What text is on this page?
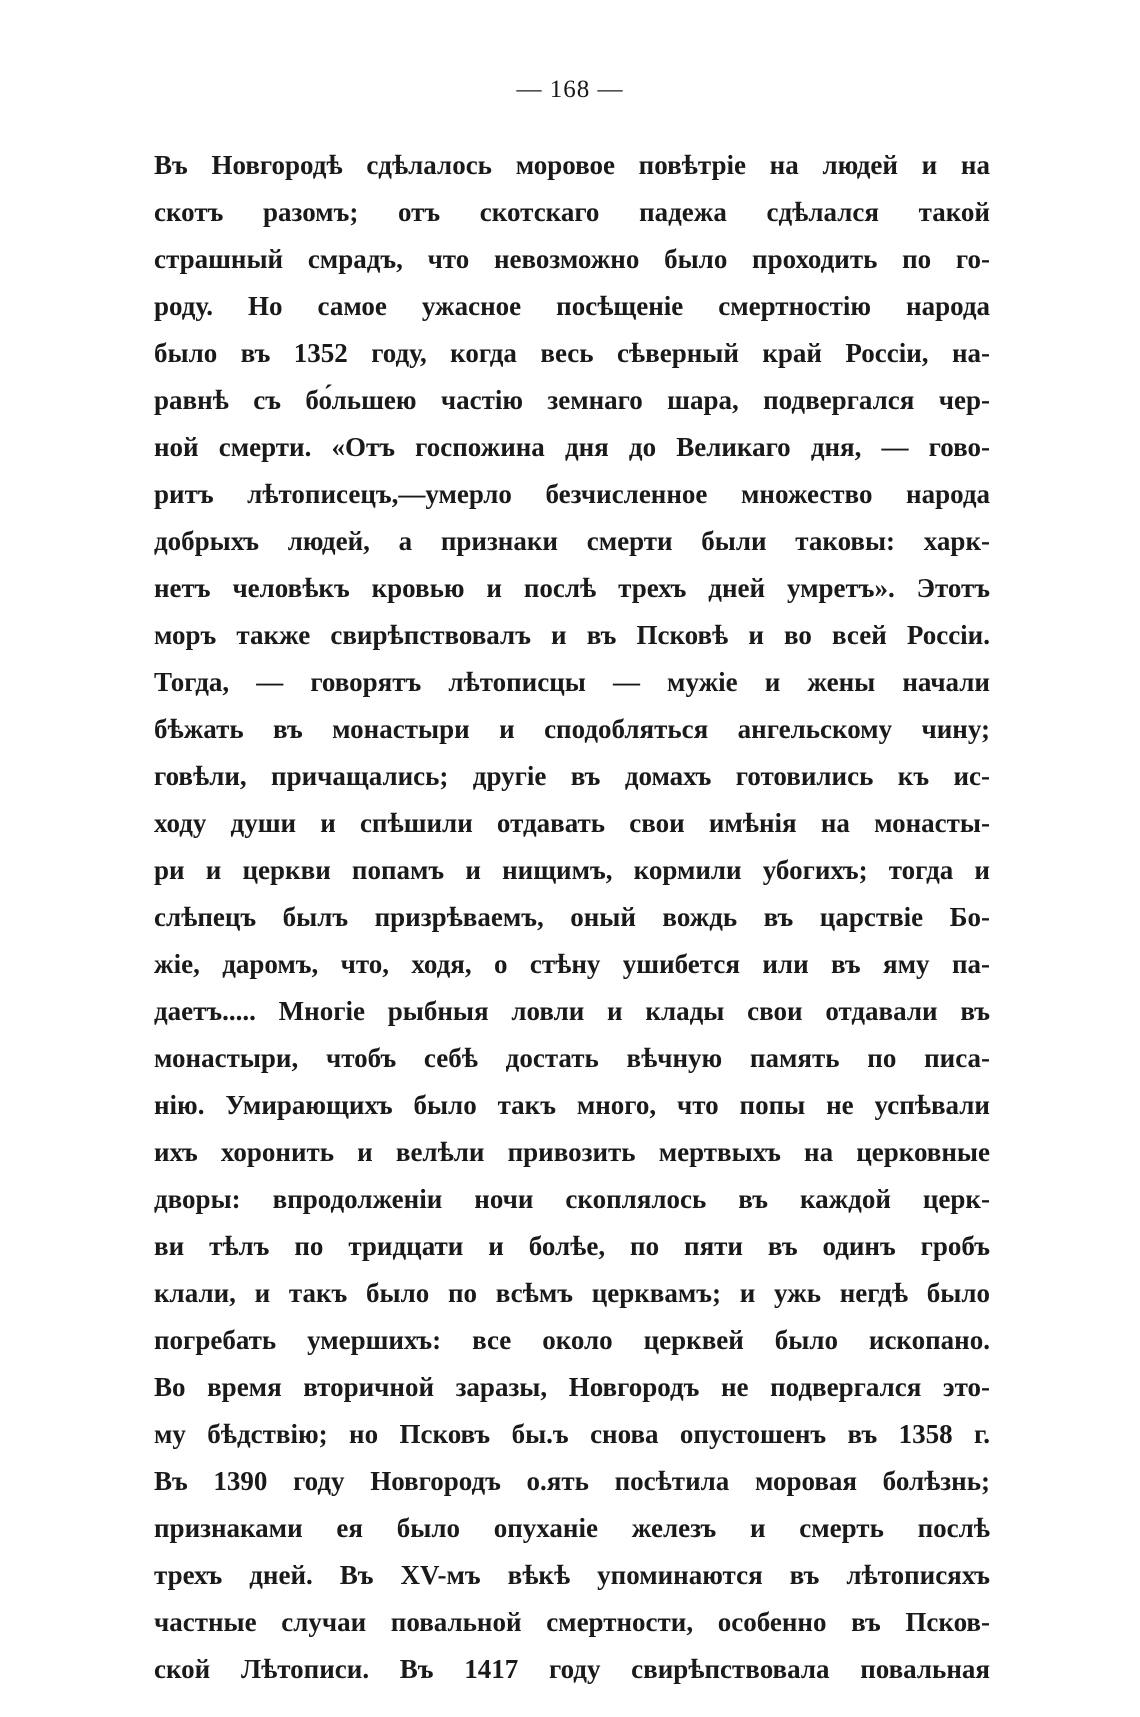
— 168 —
Въ Новгородѣ сдѣлалось моровое повѣтріе на людей и на
скотъ разомъ; отъ скотскаго падежа сдѣлался такой
страшный смрадъ, что невозможно было проходить по го-
роду. Но самое ужасное посѣщеніе смертностію народа
было въ 1352 году, когда весь сѣверный край Россіи, на-
равнѣ съ бо́льшею частію земнаго шара, подвергался чер-
ной смерти. «Отъ госпожина дня до Великаго дня, — гово-
ритъ лѣтописецъ,—умерло безчисленное множество народа
добрыхъ людей, а признаки смерти были таковы: харк-
нетъ человѣкъ кровью и послѣ трехъ дней умретъ». Этотъ
моръ также свирѣпствовалъ и въ Псковѣ и во всей Россіи.
Тогда, — говорятъ лѣтописцы — мужіе и жены начали
бѣжать въ монастыри и сподобляться ангельскому чину;
говѣли, причащались; другіе въ домахъ готовились къ ис-
ходу души и спѣшили отдавать свои имѣнія на монасты-
ри и церкви попамъ и нищимъ, кормили убогихъ; тогда и
слѣпецъ былъ призрѣваемъ, оный вождь въ царствіе Бо-
жіе, даромъ, что, ходя, о стѣну ушибется или въ яму па-
даетъ..... Многіе рыбныя ловли и клады свои отдавали въ
монастыри, чтобъ себѣ достать вѣчную память по писа-
нію. Умирающихъ было такъ много, что попы не успѣвали
ихъ хоронить и велѣли привозить мертвыхъ на церковные
дворы: впродолженіи ночи скоплялось въ каждой церк-
ви тѣлъ по тридцати и болѣе, по пяти въ одинъ гробъ
клали, и такъ было по всѣмъ церквамъ; и ужь негдѣ было
погребать умершихъ: все около церквей было ископано.
Во время вторичной заразы, Новгородъ не подвергался это-
му бѣдствію; но Псковъ бы.ъ снова опустошенъ въ 1358 г.
Въ 1390 году Новгородъ о.ять посѣтила моровая болѣзнь;
признаками ея было опуханіе железъ и смерть послѣ
трехъ дней. Въ XV-мъ вѣкѣ упоминаются въ лѣтописяхъ
частные случаи повальной смертности, особенно въ Псков-
ской Лѣтописи. Въ 1417 году свирѣпствовала повальная
